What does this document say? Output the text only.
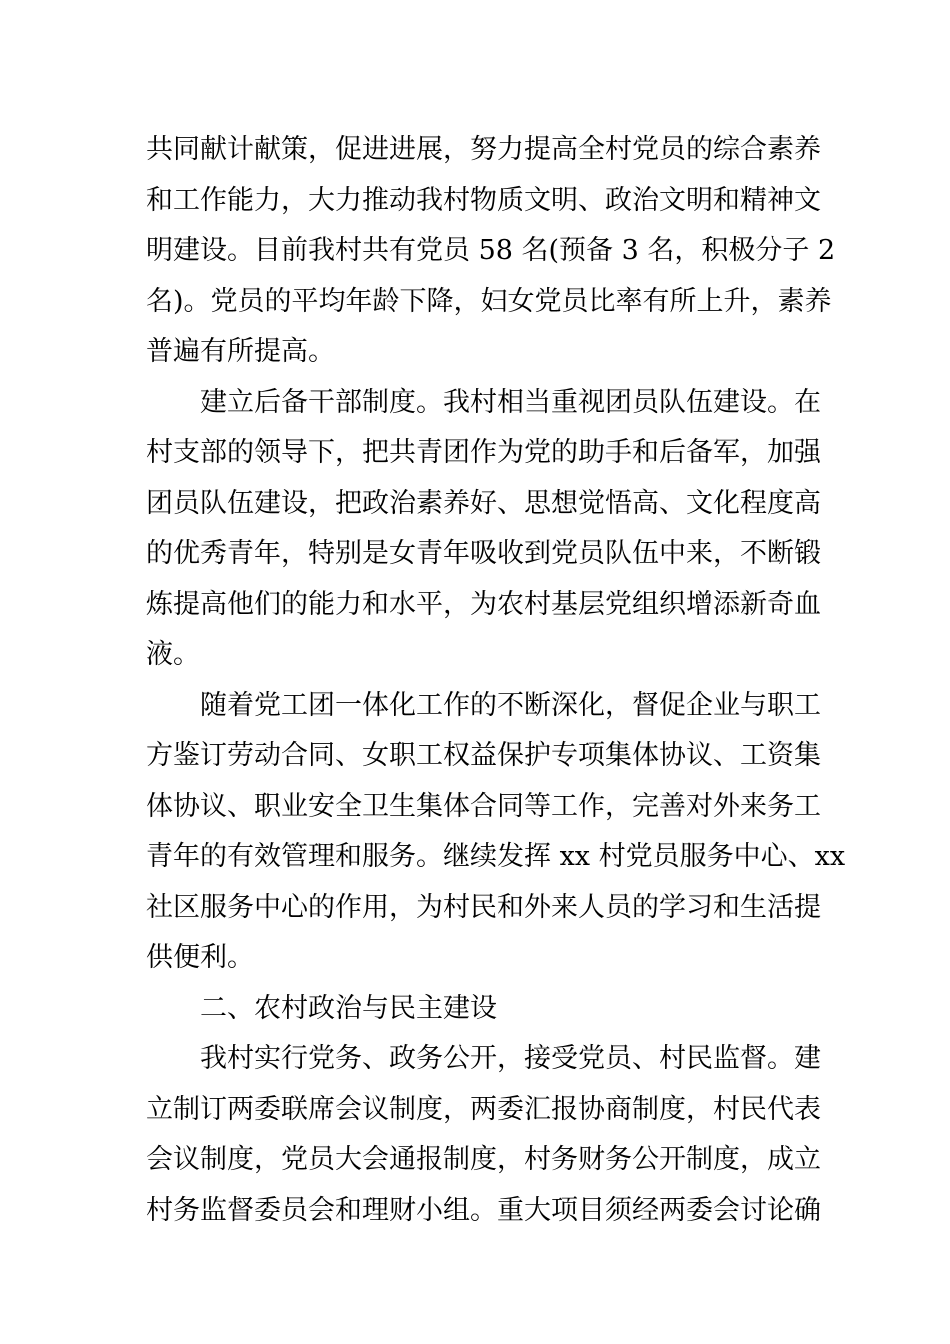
共同献计献策，促进进展，努力提高全村党员的综合素养
和工作能力，大力推动我村物质文明、政治文明和精神文
明建设。目前我村共有党员 58 名(预备 3 名，积极分子 2
名)。党员的平均年龄下降，妇女党员比率有所上升，素养
普遍有所提高。
建立后备干部制度。我村相当重视团员队伍建设。在
村支部的领导下，把共青团作为党的助手和后备军，加强
团员队伍建设，把政治素养好、思想觉悟高、文化程度高
的优秀青年，特别是女青年吸收到党员队伍中来，不断锻
炼提高他们的能力和水平，为农村基层党组织增添新奇血
液。
随着党工团一体化工作的不断深化，督促企业与职工
方鉴订劳动合同、女职工权益保护专项集体协议、工资集
体协议、职业安全卫生集体合同等工作，完善对外来务工
青年的有效管理和服务。继续发挥 xx 村党员服务中心、xx
社区服务中心的作用，为村民和外来人员的学习和生活提
供便利。
二、农村政治与民主建设
我村实行党务、政务公开，接受党员、村民监督。建
立制订两委联席会议制度，两委汇报协商制度，村民代表
会议制度，党员大会通报制度，村务财务公开制度，成立
村务监督委员会和理财小组。重大项目须经两委会讨论确
